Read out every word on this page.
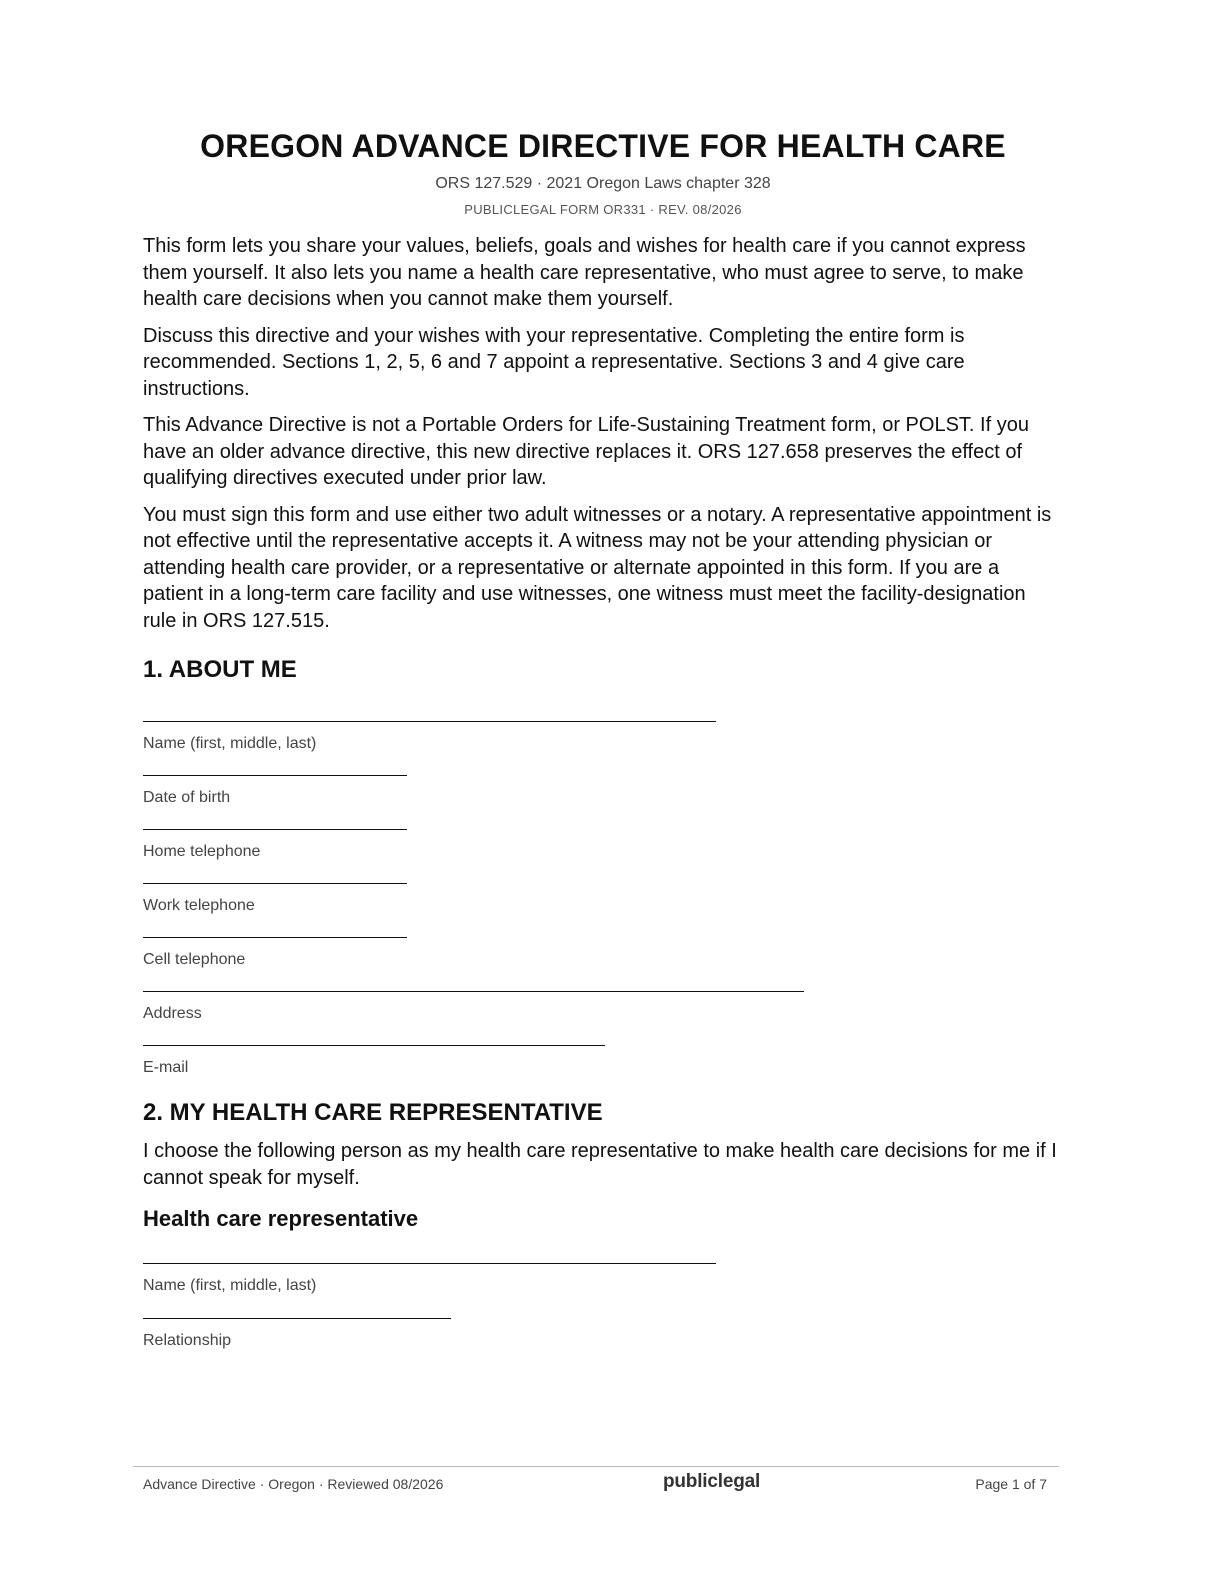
OREGON ADVANCE DIRECTIVE FOR HEALTH CARE
ORS 127.529 · 2021 Oregon Laws chapter 328
PUBLICLEGAL FORM OR331 · REV. 08/2026

This form lets you share your values, beliefs, goals and wishes for health care if you cannot express them yourself. It also lets you name a health care representative, who must agree to serve, to make health care decisions when you cannot make them yourself.

Discuss this directive and your wishes with your representative. Completing the entire form is recommended. Sections 1, 2, 5, 6 and 7 appoint a representative. Sections 3 and 4 give care instructions.

This Advance Directive is not a Portable Orders for Life-Sustaining Treatment form, or POLST. If you have an older advance directive, this new directive replaces it. ORS 127.658 preserves the effect of qualifying directives executed under prior law.

You must sign this form and use either two adult witnesses or a notary. A representative appointment is not effective until the representative accepts it. A witness may not be your attending physician or attending health care provider, or a representative or alternate appointed in this form. If you are a patient in a long-term care facility and use witnesses, one witness must meet the facility-designation rule in ORS 127.515.

1. ABOUT ME
Name (first, middle, last)
Date of birth
Home telephone
Work telephone
Cell telephone
Address
E-mail
2. MY HEALTH CARE REPRESENTATIVE

I choose the following person as my health care representative to make health care decisions for me if I cannot speak for myself.

Health care representative
Name (first, middle, last)
Relationship
Advance Directive · Oregon · Reviewed 08/2026	publiclegal	Page 1 of 7
